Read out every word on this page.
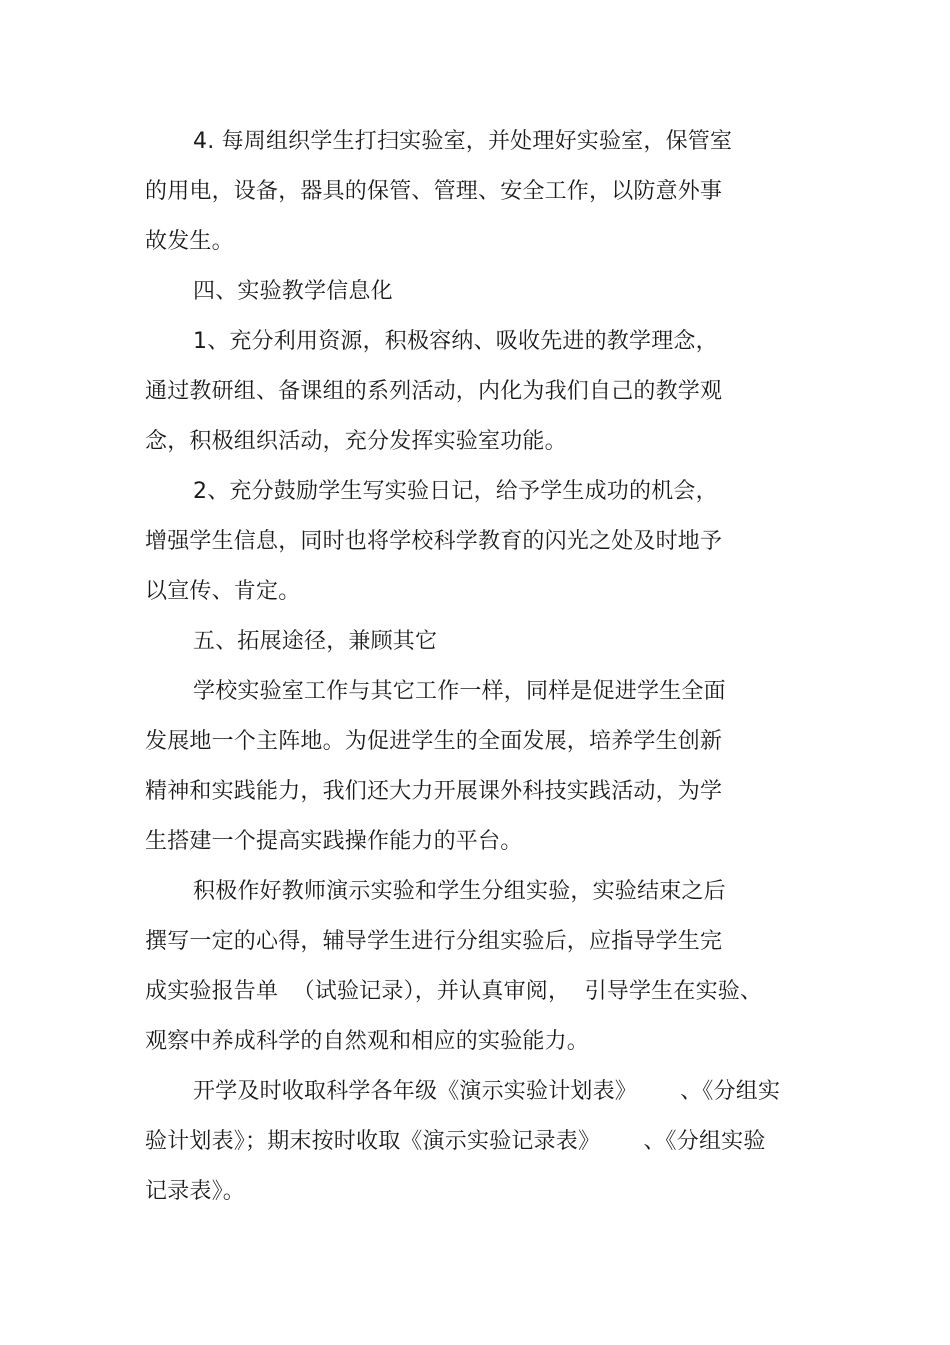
4. 每周组织学生打扫实验室，并处理好实验室，保管室
的用电，设备，器具的保管、管理、安全工作，以防意外事
故发生。
四、实验教学信息化
1、充分利用资源，积极容纳、吸收先进的教学理念，
通过教研组、备课组的系列活动，内化为我们自己的教学观
念，积极组织活动，充分发挥实验室功能。
2、充分鼓励学生写实验日记，给予学生成功的机会，
增强学生信息，同时也将学校科学教育的闪光之处及时地予
以宣传、肯定。
五、拓展途径，兼顾其它
学校实验室工作与其它工作一样，同样是促进学生全面
发展地一个主阵地。为促进学生的全面发展，培养学生创新
精神和实践能力，我们还大力开展课外科技实践活动，为学
生搭建一个提高实践操作能力的平台。
积极作好教师演示实验和学生分组实验，实验结束之后
撰写一定的心得，辅导学生进行分组实验后，应指导学生完
成实验报告单  （试验记录），并认真审阅，  引导学生在实验、
观察中养成科学的自然观和相应的实验能力。
开学及时收取科学各年级《演示实验计划表》      、《分组实
验计划表》；期末按时收取《演示实验记录表》      、《分组实验
记录表》。
